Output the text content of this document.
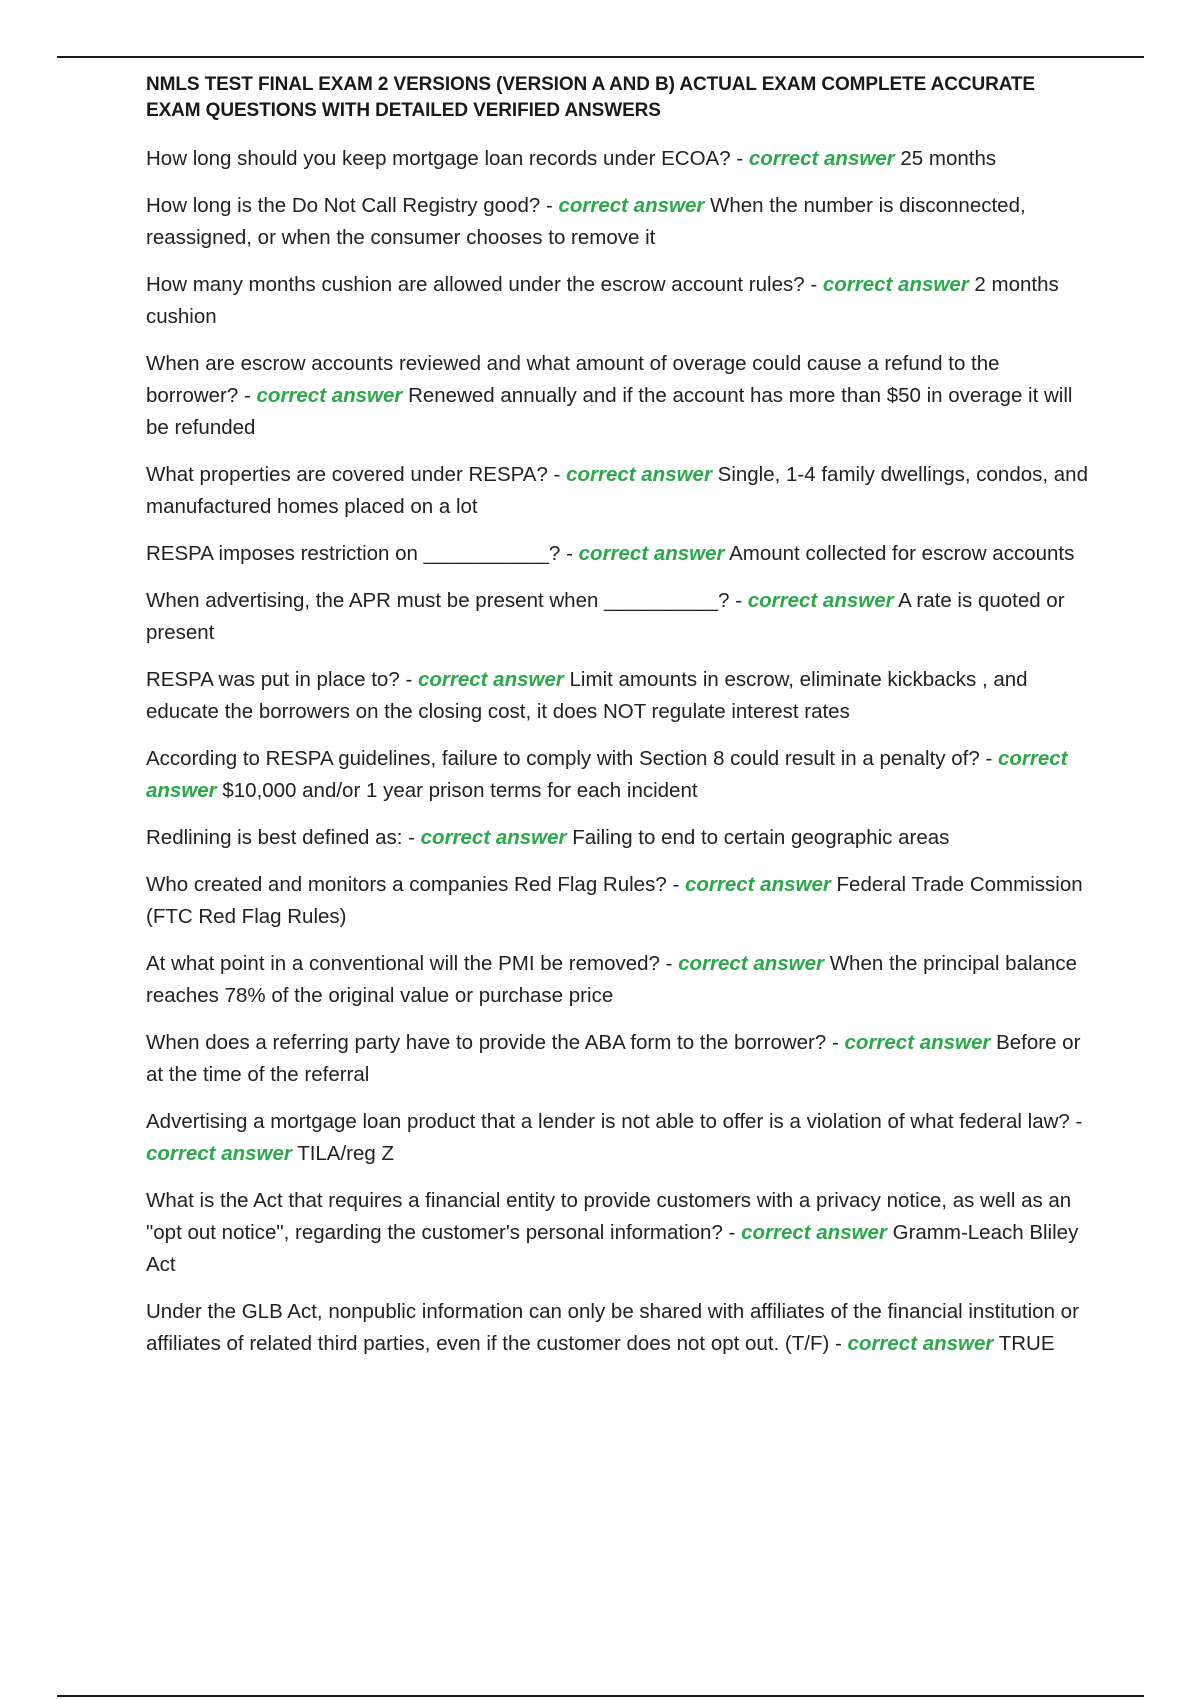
NMLS TEST FINAL EXAM 2 VERSIONS (VERSION A AND B) ACTUAL EXAM COMPLETE ACCURATE EXAM QUESTIONS WITH DETAILED VERIFIED ANSWERS

How long should you keep mortgage loan records under ECOA? - correct answer 25 months

How long is the Do Not Call Registry good? - correct answer When the number is disconnected, reassigned, or when the consumer chooses to remove it

How many months cushion are allowed under the escrow account rules? - correct answer 2 months cushion

When are escrow accounts reviewed and what amount of overage could cause a refund to the borrower? - correct answer Renewed annually and if the account has more than $50 in overage it will be refunded

What properties are covered under RESPA? - correct answer Single, 1-4 family dwellings, condos, and manufactured homes placed on a lot

RESPA imposes restriction on ___________? - correct answer Amount collected for escrow accounts

When advertising, the APR must be present when __________? - correct answer A rate is quoted or present

RESPA was put in place to? - correct answer Limit amounts in escrow, eliminate kickbacks , and educate the borrowers on the closing cost, it does NOT regulate interest rates

According to RESPA guidelines, failure to comply with Section 8 could result in a penalty of? - correct answer $10,000 and/or 1 year prison terms for each incident

Redlining is best defined as: - correct answer Failing to end to certain geographic areas

Who created and monitors a companies Red Flag Rules? - correct answer Federal Trade Commission (FTC Red Flag Rules)

At what point in a conventional will the PMI be removed? - correct answer When the principal balance reaches 78% of the original value or purchase price

When does a referring party have to provide the ABA form to the borrower? - correct answer Before or at the time of the referral

Advertising a mortgage loan product that a lender is not able to offer is a violation of what federal law? - correct answer TILA/reg Z

What is the Act that requires a financial entity to provide customers with a privacy notice, as well as an "opt out notice", regarding the customer's personal information? - correct answer Gramm-Leach Bliley Act

Under the GLB Act, nonpublic information can only be shared with affiliates of the financial institution or affiliates of related third parties, even if the customer does not opt out. (T/F) - correct answer TRUE
